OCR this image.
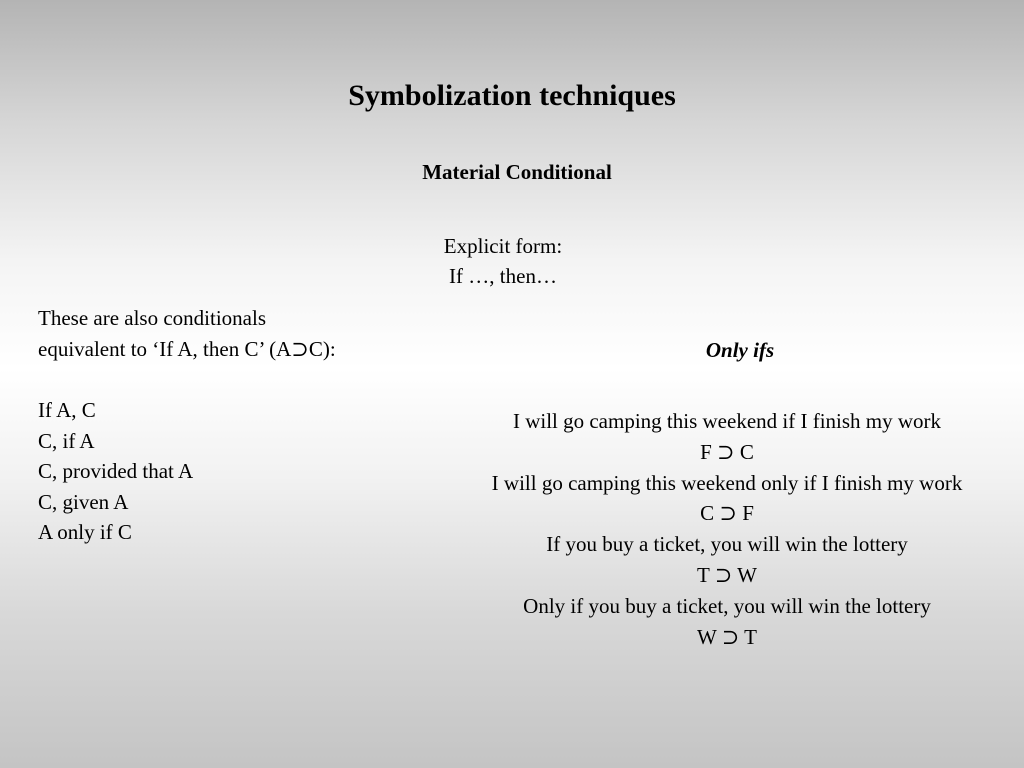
Symbolization techniques
Material Conditional
Explicit form:
If …, then…
These are also conditionals
equivalent to ‘If A, then C’ (A⊃C):
If A, C
C, if A
C, provided that A
C, given A
A only if C
Only ifs
I will go camping this weekend if I finish my work
F ⊃ C
I will go camping this weekend only if I finish my work
C ⊃ F
If you buy a ticket, you will win the lottery
T ⊃ W
Only if you buy a ticket, you will win the lottery
W ⊃ T
